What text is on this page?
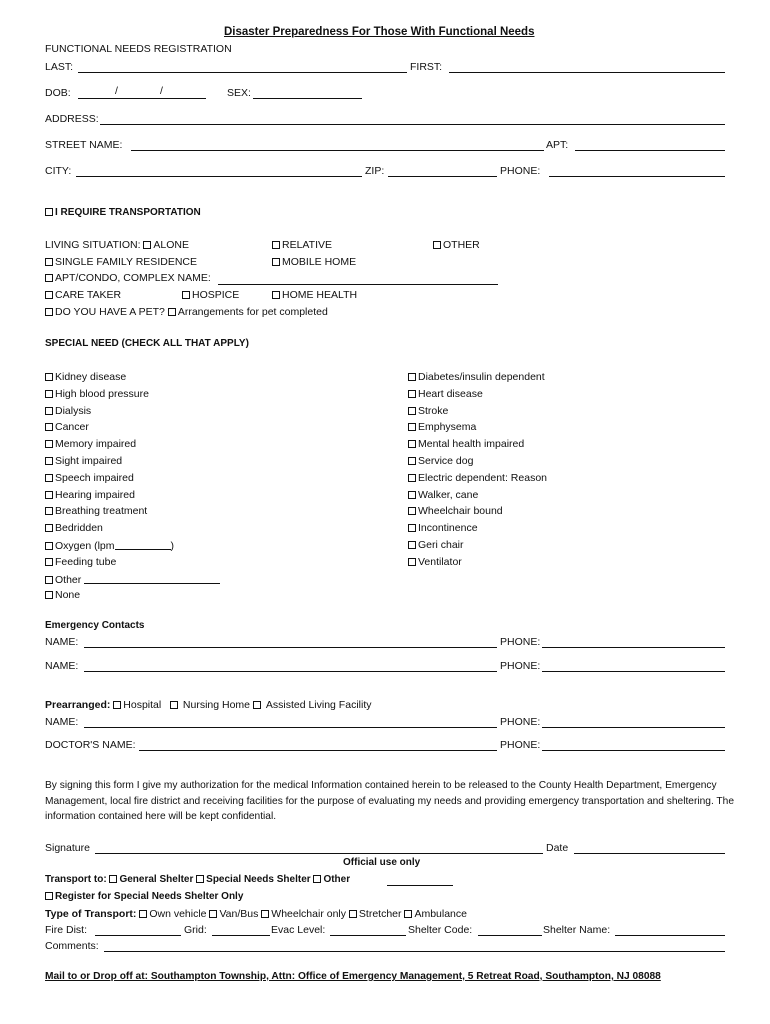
Disaster Preparedness For Those With Functional Needs
FUNCTIONAL NEEDS REGISTRATION
LAST:	FIRST:
DOB:	/	/	SEX:
ADDRESS:
STREET NAME:	APT:
CITY:	ZIP:	PHONE:
I REQUIRE TRANSPORTATION
LIVING SITUATION: ALONE	RELATIVE	OTHER
SINGLE FAMILY RESIDENCE	MOBILE HOME
APT/CONDO, COMPLEX NAME:
CARE TAKER	HOSPICE	HOME HEALTH
DO YOU HAVE A PET? Arrangements for pet completed
SPECIAL NEED (CHECK ALL THAT APPLY)
Kidney disease
High blood pressure
Dialysis
Cancer
Memory impaired
Sight impaired
Speech impaired
Hearing impaired
Breathing treatment
Bedridden
Oxygen (lpm	)
Feeding tube
Other
None
Diabetes/insulin dependent
Heart disease
Stroke
Emphysema
Mental health impaired
Service dog
Electric dependent: Reason
Walker, cane
Wheelchair bound
Incontinence
Geri chair
Ventilator
Emergency Contacts
NAME:	PHONE:
NAME:	PHONE:
Prearranged: Hospital Nursing Home Assisted Living Facility
NAME:	PHONE:
DOCTOR'S NAME:	PHONE:
By signing this form I give my authorization for the medical Information contained herein to be released to the County Health Department, Emergency Management, local fire district and receiving facilities for the purpose of evaluating my needs and providing emergency transportation and sheltering. The information contained here will be kept confidential.
Signature	Date
Official use only
Transport to: General Shelter Special Needs Shelter Other
Register for Special Needs Shelter Only
Type of Transport: Own vehicle Van/Bus Wheelchair only Stretcher Ambulance
Fire Dist:	Grid:	Evac Level:	Shelter Code:	Shelter Name:
Comments:
Mail to or Drop off at: Southampton Township, Attn: Office of Emergency Management, 5 Retreat Road, Southampton, NJ 08088
